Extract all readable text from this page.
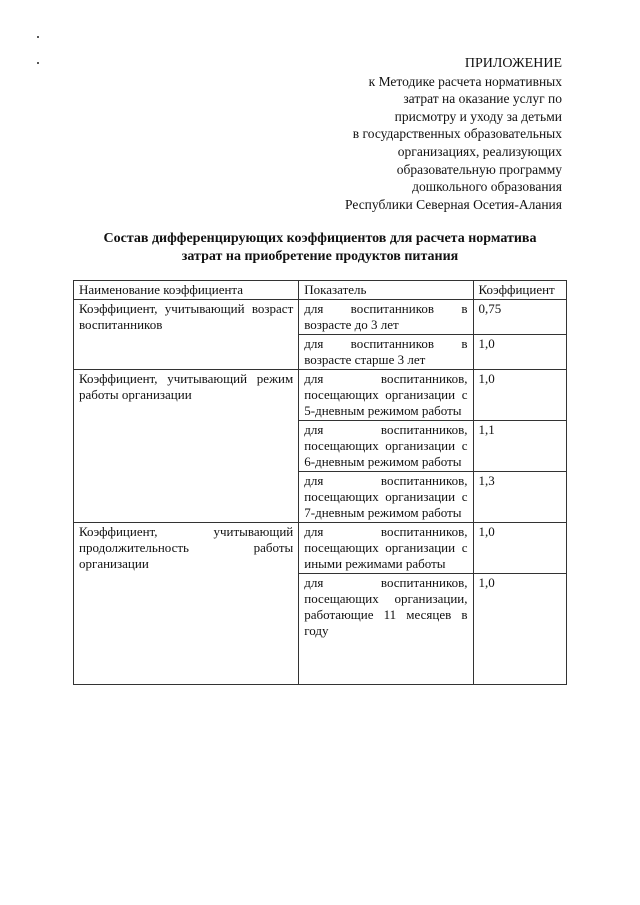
ПРИЛОЖЕНИЕ
к Методике расчета нормативных
затрат на оказание услуг по
присмотру и уходу за детьми
в государственных образовательных
организациях, реализующих
образовательную программу
дошкольного образования
Республики Северная Осетия-Алания
Состав дифференцирующих коэффициентов для расчета норматива
затрат на приобретение продуктов питания
Наименование коэффициента	Показатель	Коэффициент
Коэффициент, учитывающий возраст воспитанников	для воспитанников в возрасте до 3 лет	0,75
	для воспитанников в возрасте старше 3 лет	1,0
Коэффициент, учитывающий режим работы организации	для воспитанников, посещающих организации с 5-дневным режимом работы	1,0
	для воспитанников, посещающих организации с 6-дневным режимом работы	1,1
	для воспитанников, посещающих организации с 7-дневным режимом работы	1,3
Коэффициент, учитывающий продолжительность работы организации	для воспитанников, посещающих организации с иными режимами работы	1,0
	для воспитанников, посещающих организации, работающие 11 месяцев в году	1,0
